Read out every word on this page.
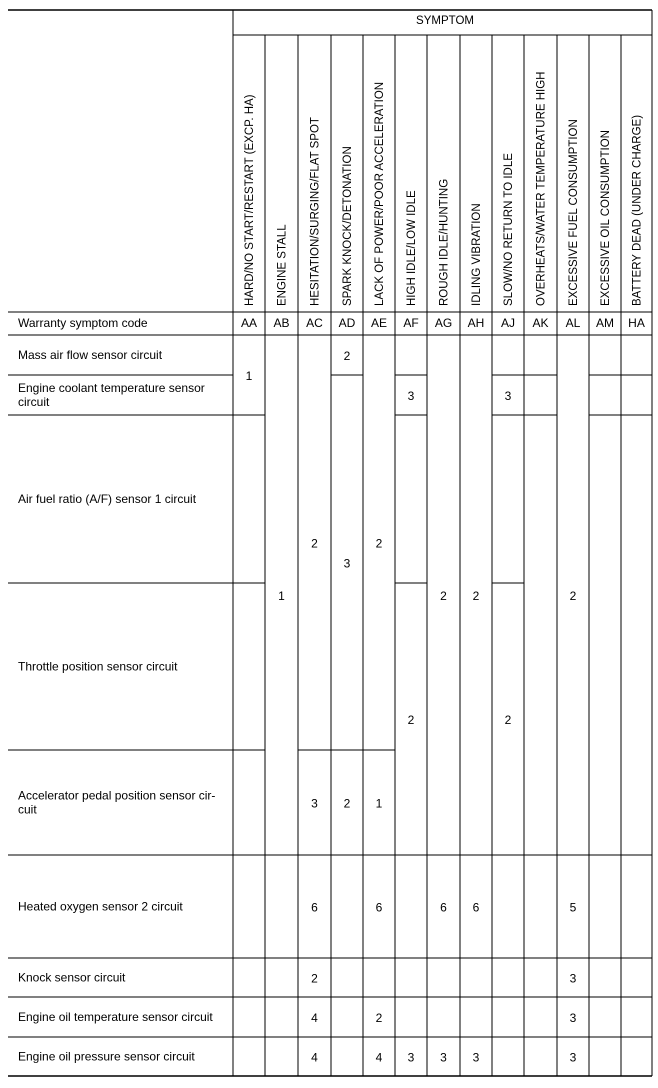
SYMPTOM
HARD/NO START/RESTART (EXCP. HA) ENGINE STALL HESITATION/SURGING/FLAT SPOT SPARK KNOCK/DETONATION LACK OF POWER/POOR ACCELERATION HIGH IDLE/LOW IDLE ROUGH IDLE/HUNTING IDLING VIBRATION SLOW/NO RETURN TO IDLE OVERHEATS/WATER TEMPERATURE HIGH EXCESSIVE FUEL CONSUMPTION EXCESSIVE OIL CONSUMPTION BATTERY DEAD (UNDER CHARGE)
Warranty symptom code	AA AB AC AD AE AF AG AH AJ AK AL AM HA
Mass air flow sensor circuit
Engine coolant temperature sensor
circuit
Air fuel ratio (A/F) sensor 1 circuit
Throttle position sensor circuit
Accelerator pedal position sensor cir-
cuit
Heated oxygen sensor 2 circuit
Knock sensor circuit
Engine oil temperature sensor circuit
Engine oil pressure sensor circuit
1
1
2
3
6
2
4
4
2
3
2
2
1
6
2
4
3
2
3
2
6
3
2
6
3
3
2
2
5
3
3
3
